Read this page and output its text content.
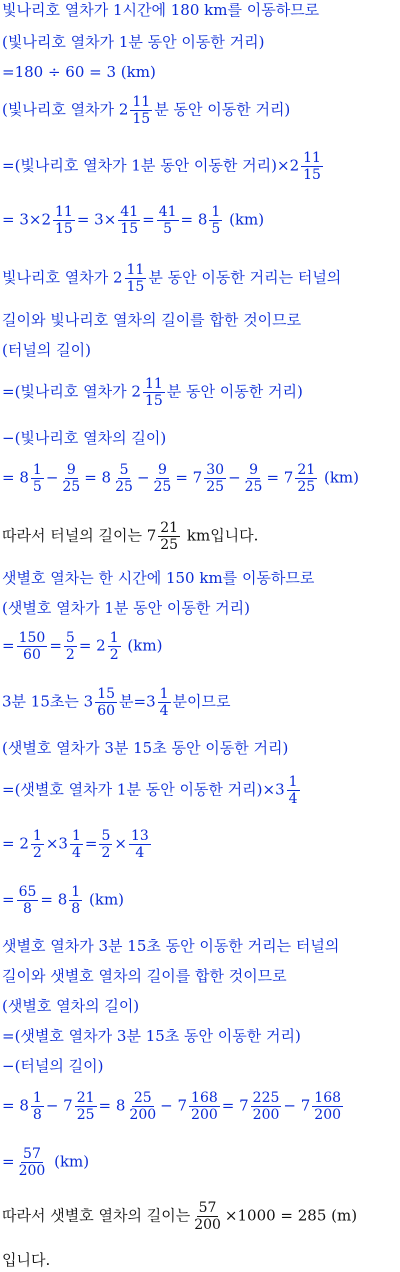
빛나리호 열차가 1시간에 180 km를 이동하므로
(빛나리호 열차가 1분 동안 이동한 거리)
=180 ÷ 60 = 3 (km)
(빛나리호 열차가 $2 \frac{11}{15}$ 분 동안 이동한 거리)
=(빛나리호 열차가 1분 동안 이동한 거리)$\times 2 \frac{11}{15}$
= $3\times 2 \frac{11}{15} = 3\times \frac{41}{15} = \frac{41}{5} = 8 \frac{1}{5} (km)$
빛나리호 열차가 $2 \frac{11}{15}$ 분 동안 이동한 거리는 터널의
길이와 빛나리호 열차의 길이를 합한 것이므로
(터널의 길이)
=(빛나리호 열차가 $2 \frac{11}{15}$ 분 동안 이동한 거리)
−(빛나리호 열차의 길이)
= $8 \frac{1}{5} - \frac{9}{25} = 8 \frac{5}{25} - \frac{9}{25} = 7 \frac{30}{25} - \frac{9}{25} = 7 \frac{21}{25} (km)$
따라서 터널의 길이는 $7 \frac{21}{25}$ km입니다.
샛별호 열차는 한 시간에 150 km를 이동하므로
(샛별호 열차가 1분 동안 이동한 거리)
= $\frac{150}{60} = \frac{5}{2} = 2 \frac{1}{2} (km)$
3분 15초는 $3 \frac{15}{60}$ 분$=3 \frac{1}{4}$ 분이므로
(샛별호 열차가 3분 15초 동안 이동한 거리)
=(샛별호 열차가 1분 동안 이동한 거리)$\times 3 \frac{1}{4}$
= $2 \frac{1}{2} \times 3 \frac{1}{4} = \frac{5}{2} \times \frac{13}{4}$
= $\frac{65}{8} = 8 \frac{1}{8} (km)$
샛별호 열차가 3분 15초 동안 이동한 거리는 터널의
길이와 샛별호 열차의 길이를 합한 것이므로
(샛별호 열차의 길이)
=(샛별호 열차가 3분 15초 동안 이동한 거리)
−(터널의 길이)
= $8 \frac{1}{8} - 7 \frac{21}{25} = 8 \frac{25}{200} - 7 \frac{168}{200} = 7 \frac{225}{200} - 7 \frac{168}{200}$
= $\frac{57}{200} (km)$
따라서 샛별호 열차의 길이는 $\frac{57}{200} \times 1000 = 285$ (m)
입니다.
